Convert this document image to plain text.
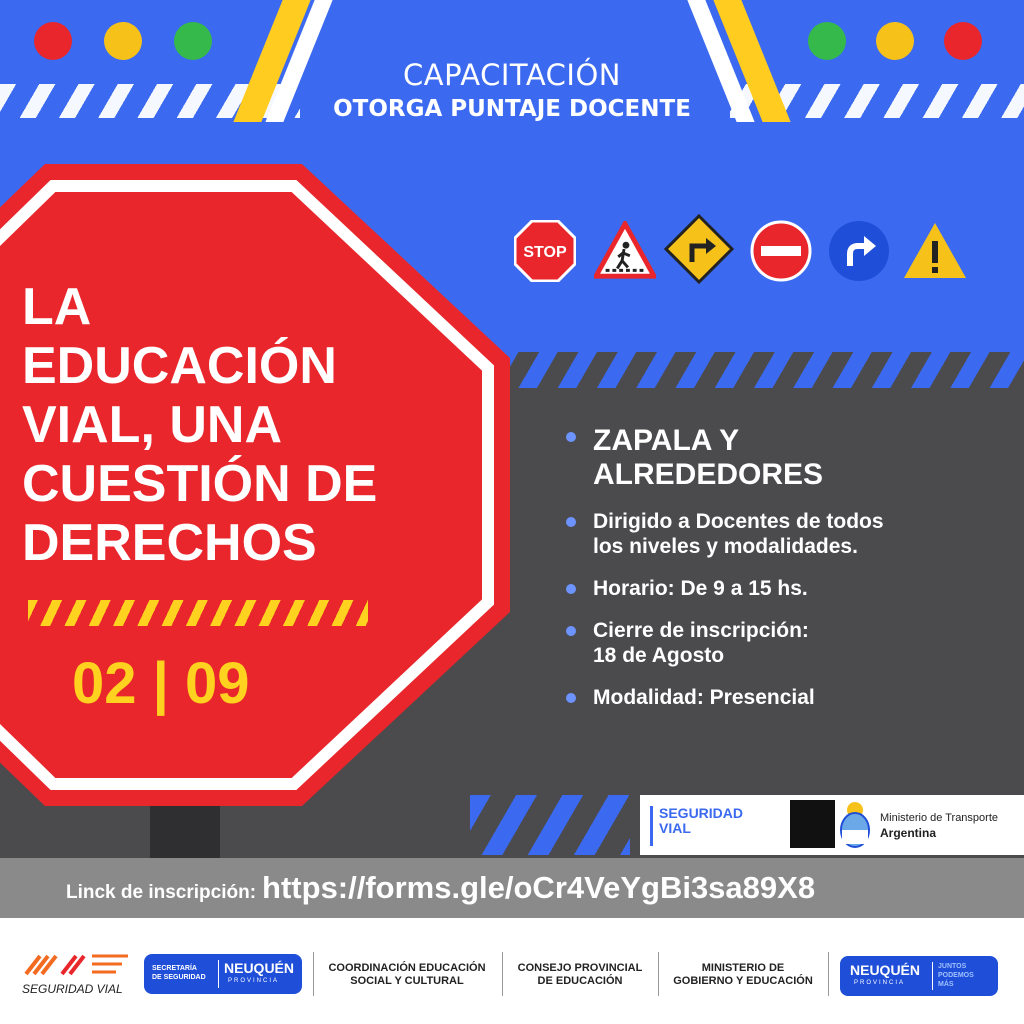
CAPACITACIÓN
OTORGA PUNTAJE DOCENTE
STOP
LA
EDUCACIÓN
VIAL, UNA
CUESTIÓN DE
DERECHOS
02 | 09
ZAPALA Y ALREDEDORES
Dirigido a Docentes de todos
los niveles y modalidades.
Horario: De 9 a 15 hs.
Cierre de inscripción:
18 de Agosto
Modalidad: Presencial
SEGURIDAD
VIAL
Ministerio de Transporte
Argentina
Linck de inscripción: https://forms.gle/oCr4VeYgBi3sa89X8
SEGURIDAD VIAL
SECRETARÍA
DE SEGURIDAD
NEUQUÉN
PROVINCIA
COORDINACIÓN EDUCACIÓN
SOCIAL Y CULTURAL
CONSEJO PROVINCIAL
DE EDUCACIÓN
MINISTERIO DE
GOBIERNO Y EDUCACIÓN
NEUQUÉN
PROVINCIA
JUNTOS
PODEMOS
MÁS
